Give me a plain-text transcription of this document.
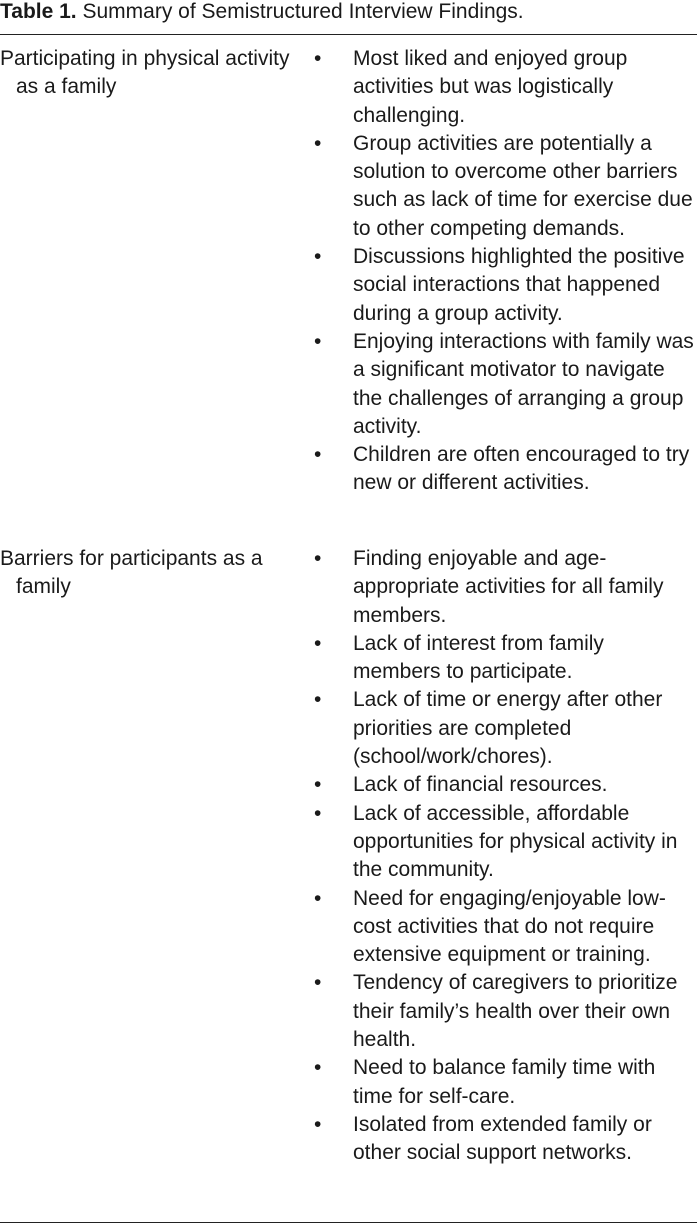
Table 1. Summary of Semistructured Interview Findings.
Participating in physical activity as a family
• Most liked and enjoyed group activities but was logistically challenging.
• Group activities are potentially a solution to overcome other barriers such as lack of time for exercise due to other competing demands.
• Discussions highlighted the positive social interactions that happened during a group activity.
• Enjoying interactions with family was a significant motivator to navigate the challenges of arranging a group activity.
• Children are often encouraged to try new or different activities.
Barriers for participants as a family
• Finding enjoyable and age-appropriate activities for all family members.
• Lack of interest from family members to participate.
• Lack of time or energy after other priorities are completed (school/work/chores).
• Lack of financial resources.
• Lack of accessible, affordable opportunities for physical activity in the community.
• Need for engaging/enjoyable low-cost activities that do not require extensive equipment or training.
• Tendency of caregivers to prioritize their family’s health over their own health.
• Need to balance family time with time for self-care.
• Isolated from extended family or other social support networks.
